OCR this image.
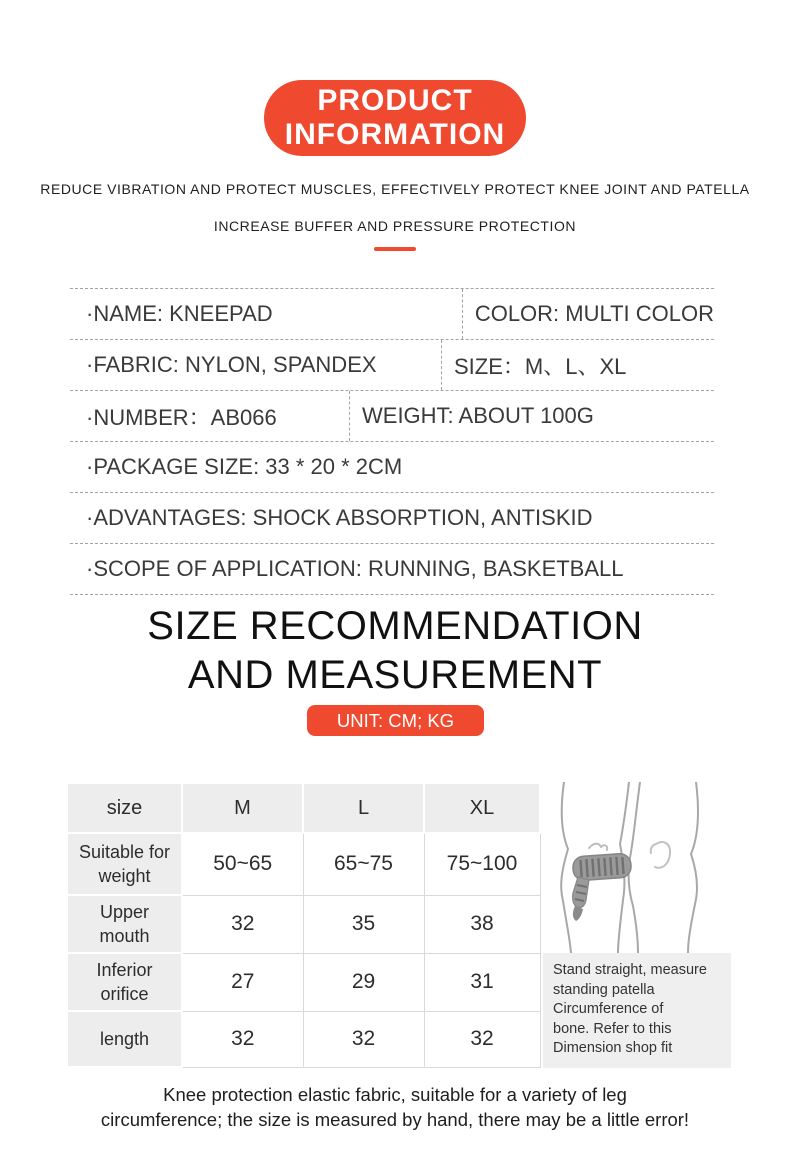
PRODUCT
INFORMATION
REDUCE VIBRATION AND PROTECT MUSCLES, EFFECTIVELY PROTECT KNEE JOINT AND PATELLA
INCREASE BUFFER AND PRESSURE PROTECTION
·NAME: KNEEPAD	COLOR: MULTI COLOR
·FABRIC: NYLON, SPANDEX	SIZE：M、L、XL
·NUMBER：AB066	WEIGHT: ABOUT 100G
·PACKAGE SIZE: 33 * 20 * 2CM
·ADVANTAGES: SHOCK ABSORPTION, ANTISKID
·SCOPE OF APPLICATION: RUNNING, BASKETBALL
SIZE RECOMMENDATION
AND MEASUREMENT
UNIT: CM; KG
size	M	L	XL

Suitable for
weight	50~65	65~75	75~100

Upper
mouth	32	35	38

Inferior
orifice	27	29	31

length	32	32	32
Stand straight, measure
standing patella
Circumference of
bone. Refer to this
Dimension shop fit
Knee protection elastic fabric, suitable for a variety of leg
circumference; the size is measured by hand, there may be a little error!
